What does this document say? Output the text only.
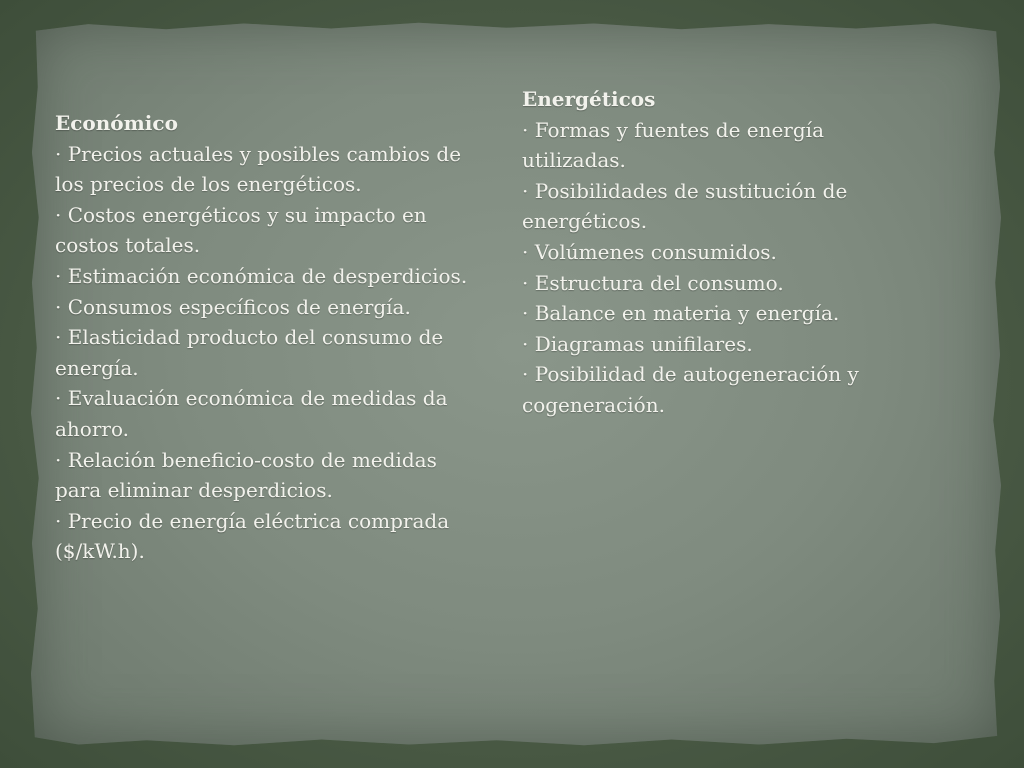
Económico
· Precios actuales y posibles cambios de los precios de los energéticos.
· Costos energéticos y su impacto en costos totales.
· Estimación económica de desperdicios.
· Consumos específicos de energía.
· Elasticidad producto del consumo de energía.
· Evaluación económica de medidas da ahorro.
· Relación beneficio-costo de medidas para eliminar desperdicios.
· Precio de energía eléctrica comprada ($/kW.h).
Energéticos
· Formas y fuentes de energía utilizadas.
· Posibilidades de sustitución de energéticos.
· Volúmenes consumidos.
· Estructura del consumo.
· Balance en materia y energía.
· Diagramas unifilares.
· Posibilidad de autogeneración y cogeneración.
